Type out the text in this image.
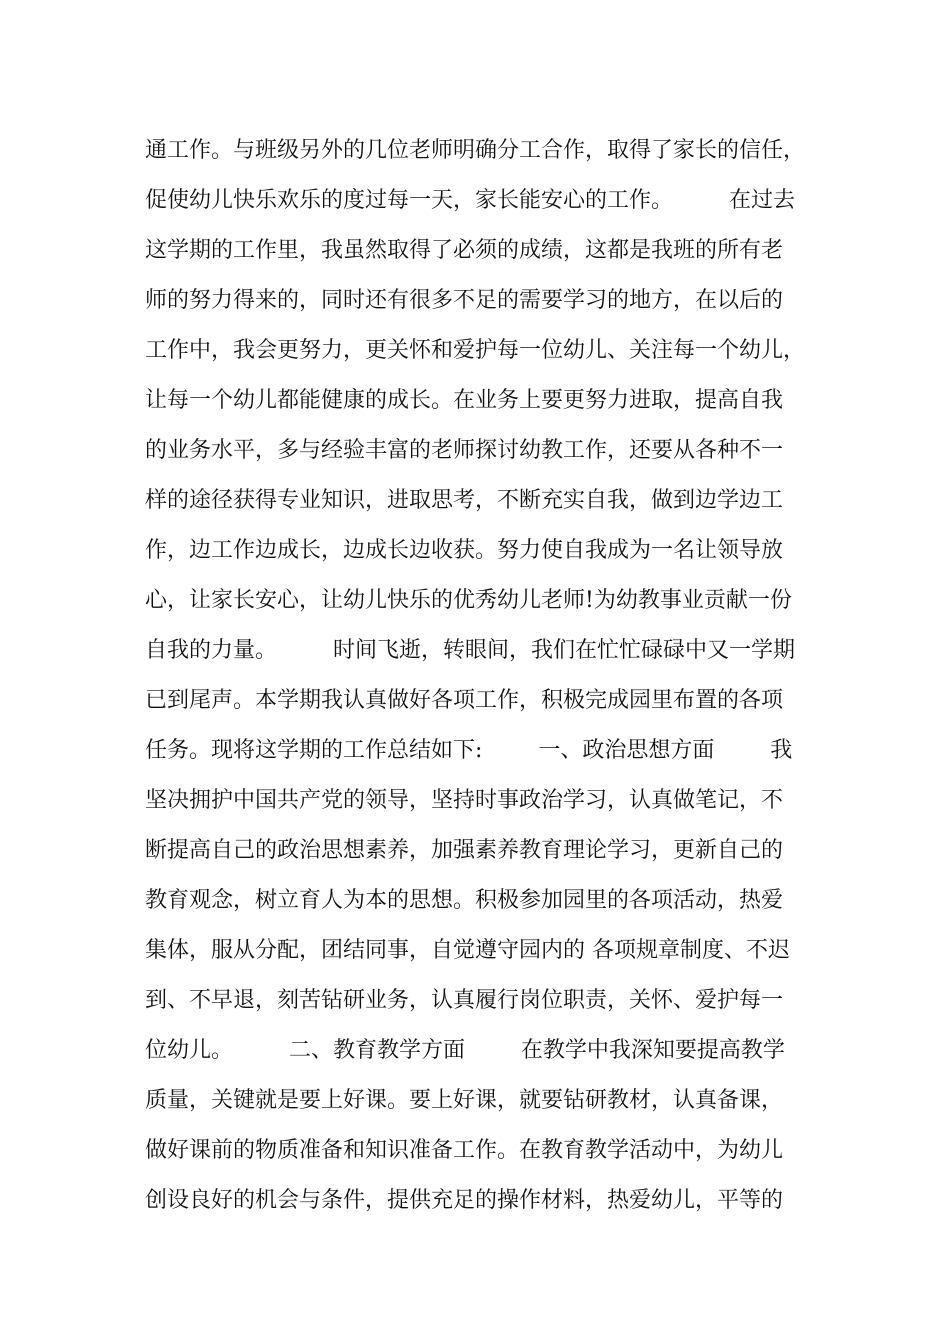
通工作。与班级另外的几位老师明确分工合作，取得了家长的信任，
促使幼儿快乐欢乐的度过每一天，家长能安心的工作。        在过去
这学期的工作里，我虽然取得了必须的成绩，这都是我班的所有老
师的努力得来的，同时还有很多不足的需要学习的地方，在以后的
工作中，我会更努力，更关怀和爱护每一位幼儿、关注每一个幼儿，
让每一个幼儿都能健康的成长。在业务上要更努力进取，提高自我
的业务水平，多与经验丰富的老师探讨幼教工作，还要从各种不一
样的途径获得专业知识，进取思考，不断充实自我，做到边学边工
作，边工作边成长，边成长边收获。努力使自我成为一名让领导放
心，让家长安心，让幼儿快乐的优秀幼儿老师!为幼教事业贡献一份
自我的力量。        时间飞逝，转眼间，我们在忙忙碌碌中又一学期
已到尾声。本学期我认真做好各项工作，积极完成园里布置的各项
任务。现将这学期的工作总结如下:        一、政治思想方面        我
坚决拥护中国共产党的领导，坚持时事政治学习，认真做笔记，不
断提高自己的政治思想素养，加强素养教育理论学习，更新自己的
教育观念，树立育人为本的思想。积极参加园里的各项活动，热爱
集体，服从分配，团结同事，自觉遵守园内的 各项规章制度、不迟
到、不早退，刻苦钻研业务，认真履行岗位职责，关怀、爱护每一
位幼儿。        二、教育教学方面        在教学中我深知要提高教学
质量，关键就是要上好课。要上好课，就要钻研教材，认真备课，
做好课前的物质准备和知识准备工作。在教育教学活动中，为幼儿
创设良好的机会与条件，提供充足的操作材料，热爱幼儿，平等的
